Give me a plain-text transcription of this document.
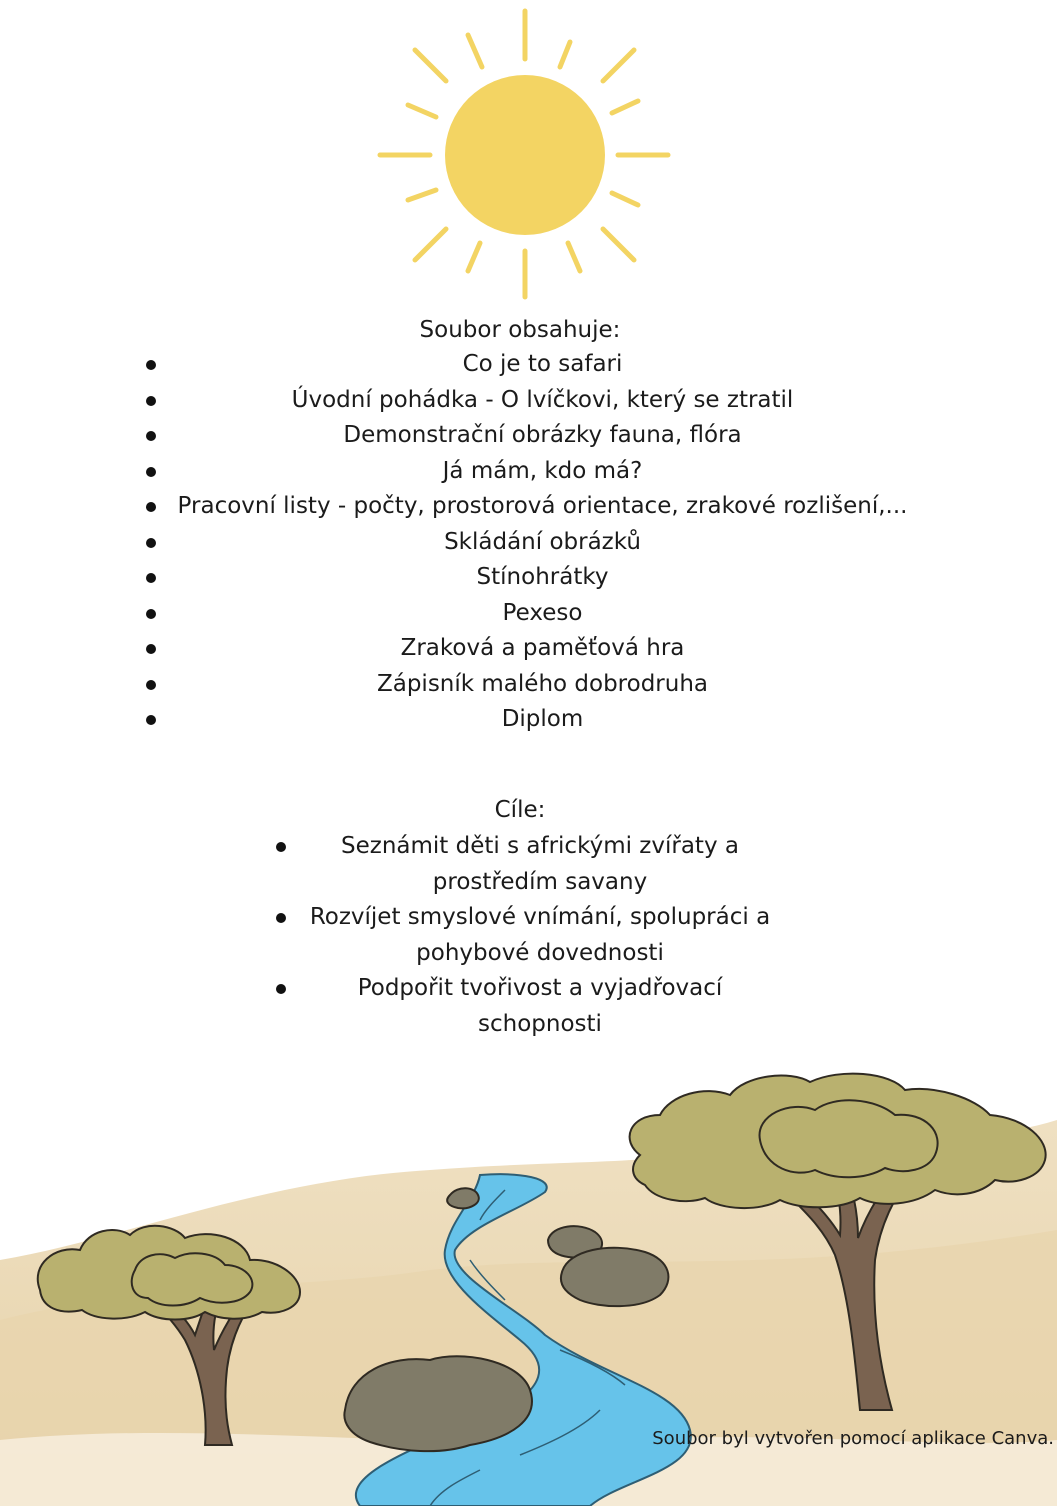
Soubor obsahuje:
Co je to safari
Úvodní pohádka - O lvíčkovi, který se ztratil
Demonstrační obrázky fauna, flóra
Já mám, kdo má?
Pracovní listy - počty, prostorová orientace, zrakové rozlišení,...
Skládání obrázků
Stínohrátky
Pexeso
Zraková a paměťová hra
Zápisník malého dobrodruha
Diplom
Cíle:
Seznámit děti s africkými zvířaty a prostředím savany
Rozvíjet smyslové vnímání, spolupráci a pohybové dovednosti
Podpořit tvořivost a vyjadřovací schopnosti
Soubor byl vytvořen pomocí aplikace Canva.
